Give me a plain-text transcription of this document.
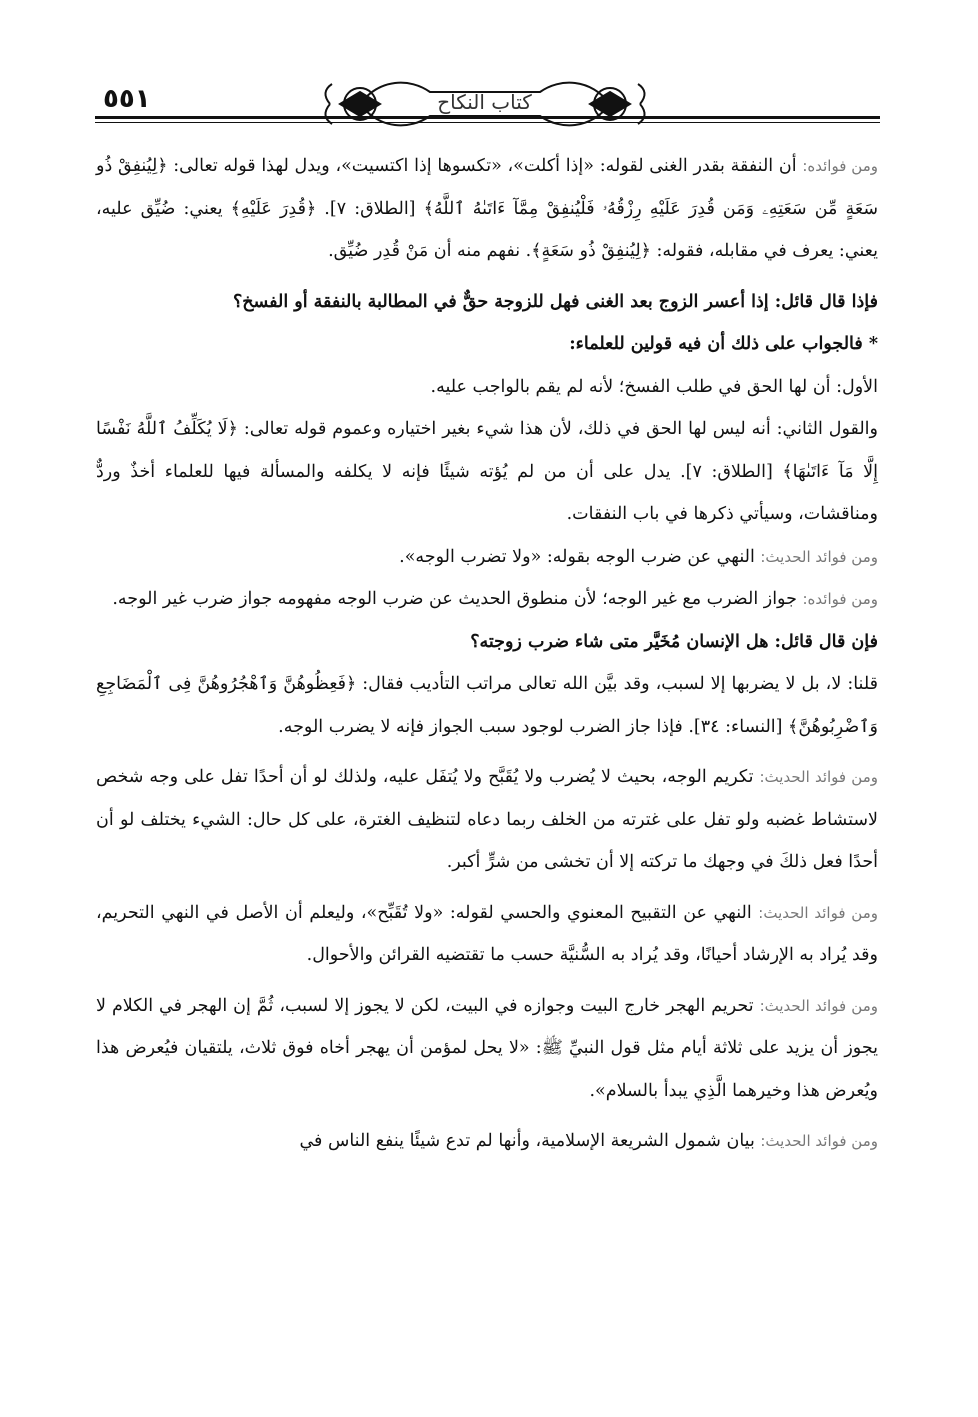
٥٥١	كتاب النكاح

ومن فوائده: أن النفقة بقدر الغنى لقوله: «إذا أكلت»، «تكسوها إذا اكتسيت»، ويدل لهذا قوله تعالى: ﴿لِيُنفِقْ ذُو سَعَةٍ مِّن سَعَتِهِۦ وَمَن قُدِرَ عَلَيْهِ رِزْقُهُۥ فَلْيُنفِقْ مِمَّآ ءَاتَىٰهُ ٱللَّهُ﴾ [الطلاق: ٧]. ﴿قُدِرَ عَلَيْهِ﴾ يعني: ضُيِّق عليه، يعني: يعرف في مقابله، فقوله: ﴿لِيُنفِقْ ذُو سَعَةٍ﴾. نفهم منه أن مَنْ قُدِر ضُيِّق.

فإذا قال قائل: إذا أعسر الزوج بعد الغنى فهل للزوجة حقٌّ في المطالبة بالنفقة أو الفسخ؟

* فالجواب على ذلك أن فيه قولين للعلماء:

الأول: أن لها الحق في طلب الفسخ؛ لأنه لم يقم بالواجب عليه.

والقول الثاني: أنه ليس لها الحق في ذلك، لأن هذا شيء بغير اختياره وعموم قوله تعالى: ﴿لَا يُكَلِّفُ ٱللَّهُ نَفْسًا إِلَّا مَآ ءَاتَىٰهَا﴾ [الطلاق: ٧]. يدل على أن من لم يُؤته شيئًا فإنه لا يكلفه والمسألة فيها للعلماء أخذٌ وردٌّ ومناقشات، وسيأتي ذكرها في باب النفقات.

ومن فوائد الحديث: النهي عن ضرب الوجه بقوله: «ولا تضرب الوجه».

ومن فوائده: جواز الضرب مع غير الوجه؛ لأن منطوق الحديث عن ضرب الوجه مفهومه جواز ضرب غير الوجه.

فإن قال قائل: هل الإنسان مُخَيَّر متى شاء ضرب زوجته؟

قلنا: لا، بل لا يضربها إلا لسبب، وقد بيَّن الله تعالى مراتب التأديب فقال: ﴿فَعِظُوهُنَّ وَٱهْجُرُوهُنَّ فِى ٱلْمَضَاجِعِ وَٱضْرِبُوهُنَّ﴾ [النساء: ٣٤]. فإذا جاز الضرب لوجود سبب الجواز فإنه لا يضرب الوجه.

ومن فوائد الحديث: تكريم الوجه، بحيث لا يُضرب ولا يُقَبَّح ولا يُتفَل عليه، ولذلك لو أن أحدًا تفل على وجه شخص لاستشاط غضبه ولو تفل على غترته من الخلف ربما دعاه لتنظيف الغترة، على كل حال: الشيء يختلف لو أن أحدًا فعل ذلكَ في وجهك ما تركته إلا أن تخشى من شرٍّ أكبر.

ومن فوائد الحديث: النهي عن التقبيح المعنوي والحسي لقوله: «ولا تُقَبِّح»، وليعلم أن الأصل في النهي التحريم، وقد يُراد به الإرشاد أحيانًا، وقد يُراد به السُّنيَّة حسب ما تقتضيه القرائن والأحوال.

ومن فوائد الحديث: تحريم الهجر خارج البيت وجوازه في البيت، لكن لا يجوز إلا لسبب، ثُمَّ إن الهجر في الكلام لا يجوز أن يزيد على ثلاثة أيام مثل قول النبيِّ ﷺ: «لا يحل لمؤمن أن يهجر أخاه فوق ثلاث، يلتقيان فيُعرض هذا ويُعرض هذا وخيرهما الَّذِي يبدأ بالسلام».

ومن فوائد الحديث: بيان شمول الشريعة الإسلامية، وأنها لم تدع شيئًا ينفع الناس في
